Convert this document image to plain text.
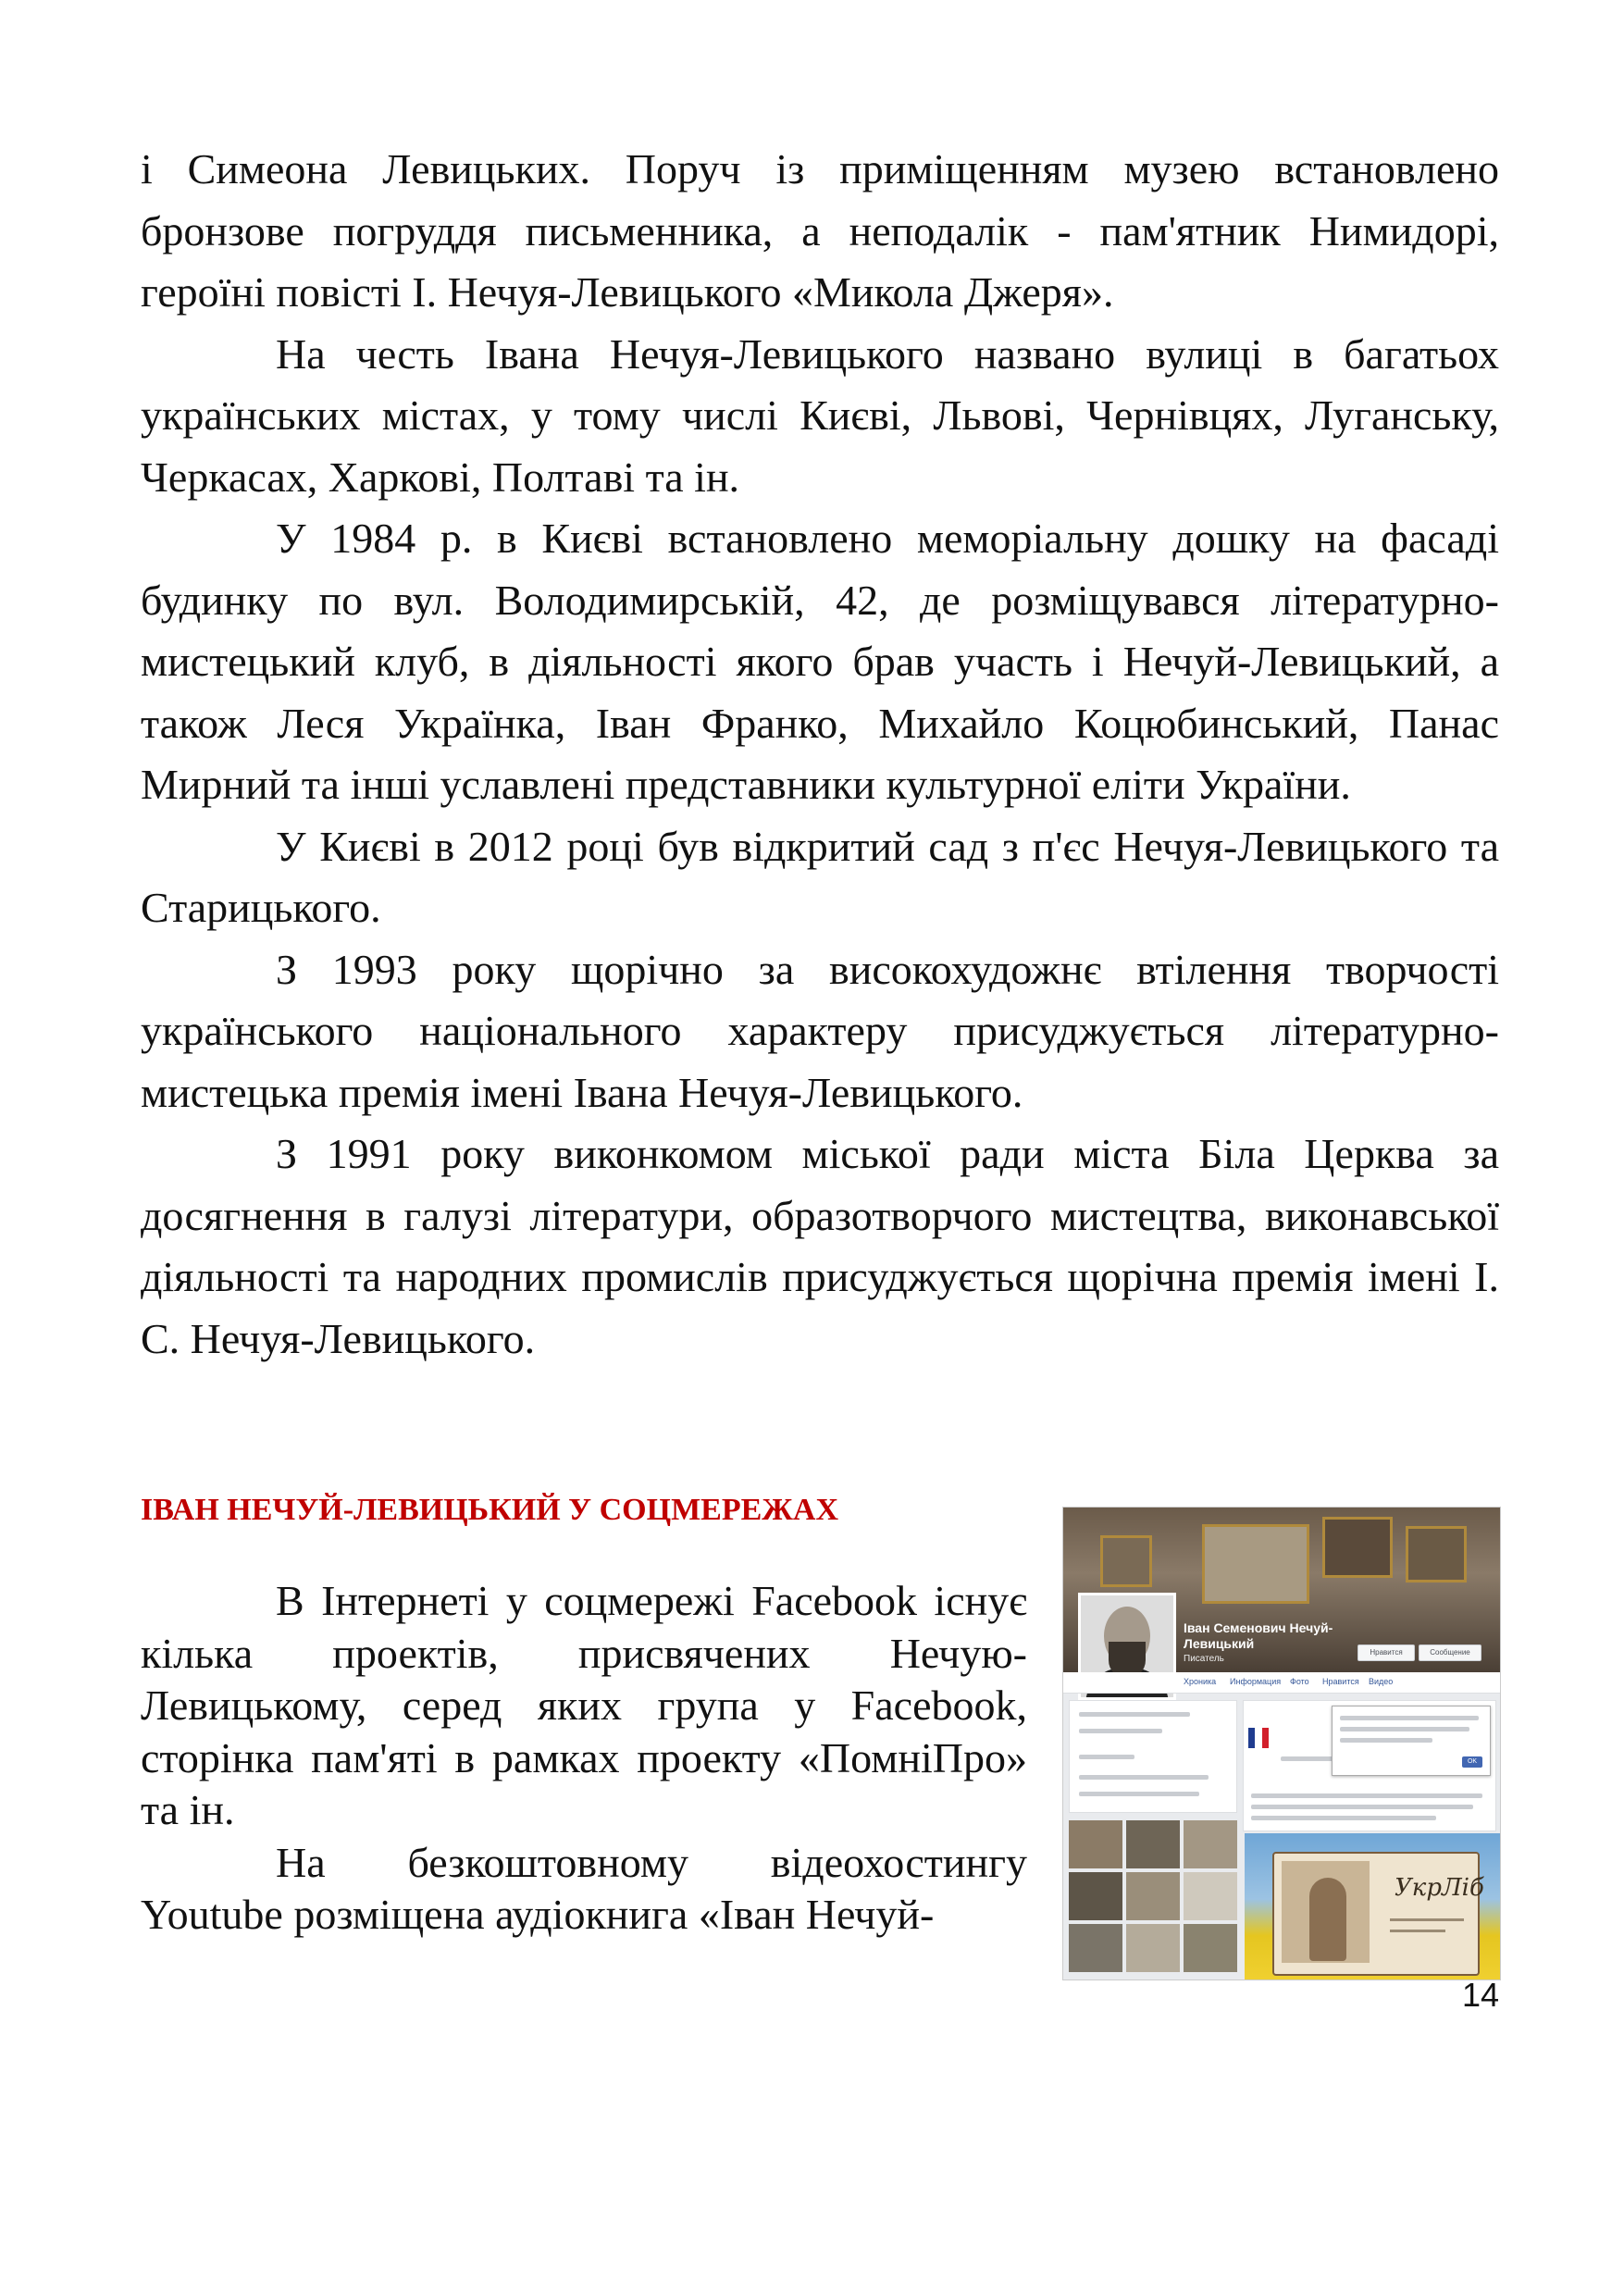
і Симеона Левицьких. Поруч із приміщенням музею встановлено бронзове погруддя письменника, а неподалік - пам'ятник Нимидорі, героїні повісті І. Нечуя-Левицького «Микола Джеря».

На честь Івана Нечуя-Левицького названо вулиці в багатьох українських містах, у тому числі Києві, Львові, Чернівцях, Луганську, Черкасах, Харкові, Полтаві та ін.

У 1984 р. в Києві встановлено меморіальну дошку на фасаді будинку по вул. Володимирській, 42, де розміщувався літературно-мистецький клуб, в діяльності якого брав участь і Нечуй-Левицький, а також Леся Українка, Іван Франко, Михайло Коцюбинський, Панас Мирний та інші уславлені представники культурної еліти України.

У Києві в 2012 році був відкритий сад з п'єс Нечуя-Левицького та Старицького.

З 1993 року щорічно за високохудожнє втілення творчості українського національного характеру присуджується літературно-мистецька премія імені Івана Нечуя-Левицького.

З 1991 року виконкомом міської ради міста Біла Церква за досягнення в галузі літератури, образотворчого мистецтва, виконавської діяльності та народних промислів присуджується щорічна премія імені І. С. Нечуя-Левицького.

ІВАН НЕЧУЙ-ЛЕВИЦЬКИЙ У СОЦМЕРЕЖАХ

В Інтернеті у соцмережі Facebook існує кілька проектів, присвячених Нечую-Левицькому, серед яких група у Facebook, сторінка пам'яті в рамках проекту «ПомніПро» та ін.

На безкоштовному відеохостингу Youtube розміщена аудіокнига «Іван Нечуй-

Іван Семенович Нечуй-Левицький
Писатель
Нравится	Сообщение
Хроника Информация Фото Нравится Видео
OK
УкрЛіб
14
